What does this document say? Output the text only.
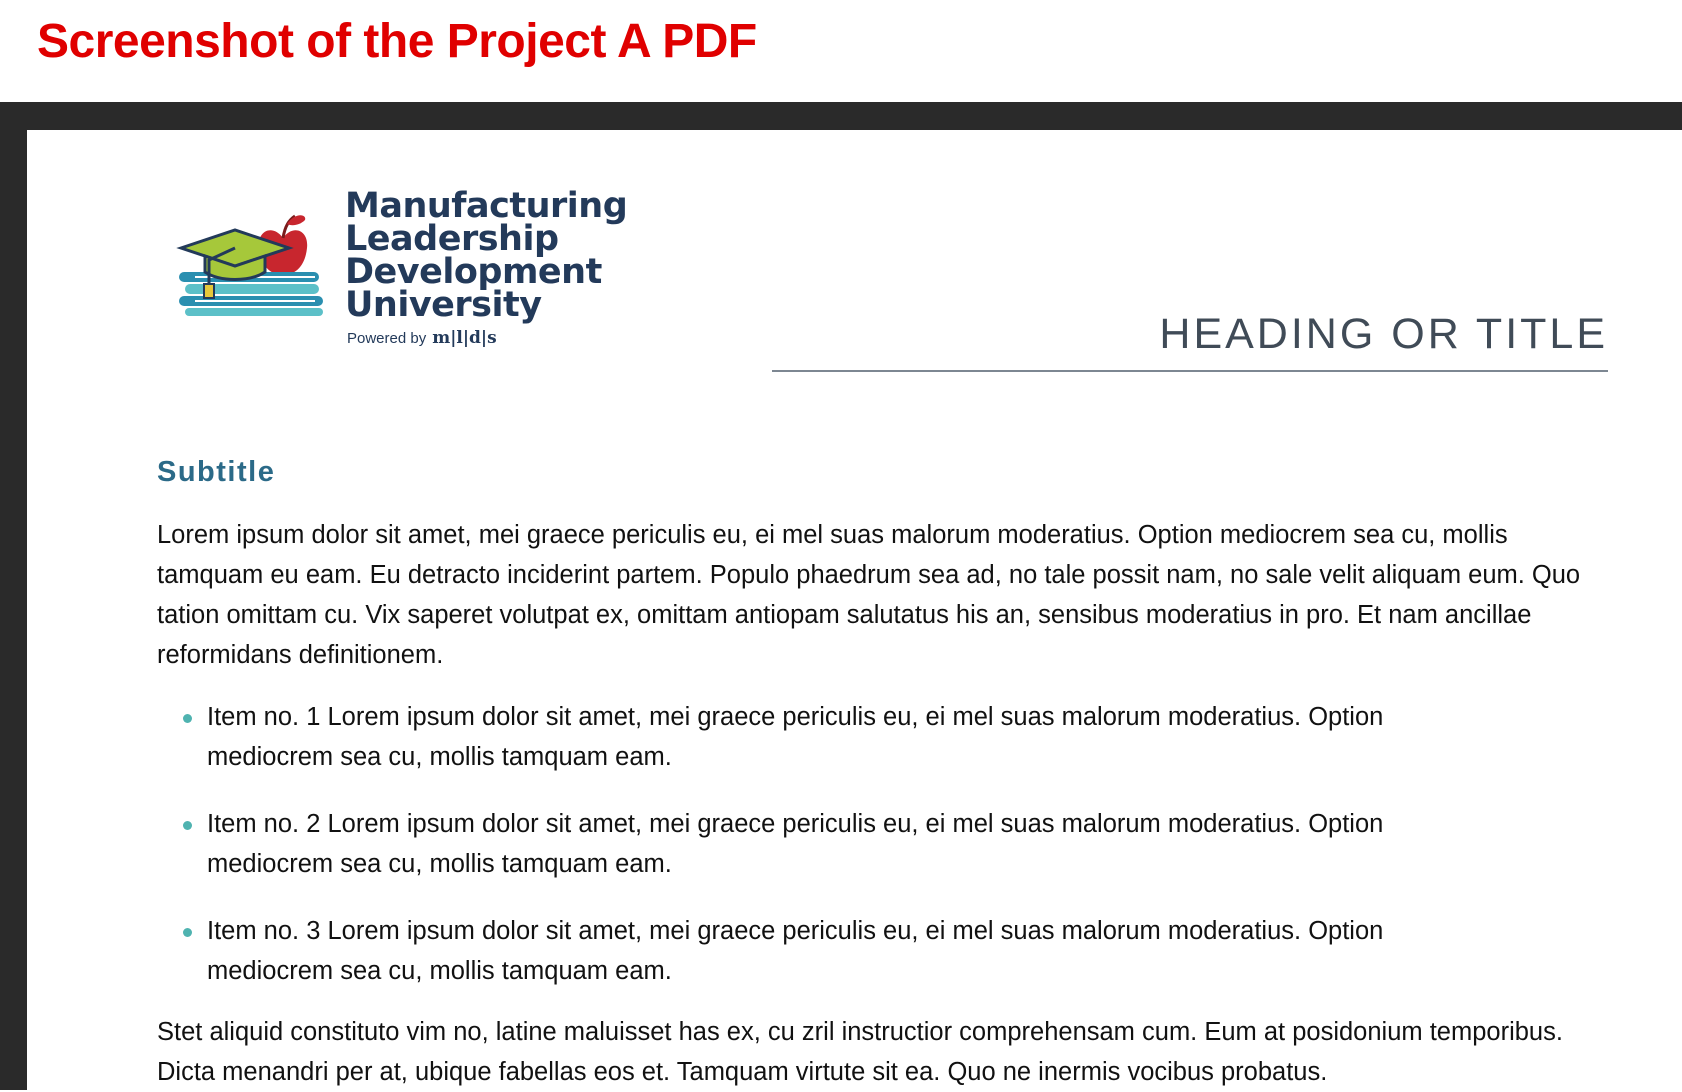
Screenshot of the Project A PDF
Manufacturing
Leadership
Development
University
Powered by m|l|d|s	HEADING OR TITLE
Subtitle

Lorem ipsum dolor sit amet, mei graece periculis eu, ei mel suas malorum moderatius. Option mediocrem sea cu, mollis tamquam eu eam. Eu detracto inciderint partem. Populo phaedrum sea ad, no tale possit nam, no sale velit aliquam eum. Quo tation omittam cu. Vix saperet volutpat ex, omittam antiopam salutatus his an, sensibus moderatius in pro. Et nam ancillae reformidans definitionem.

Item no. 1 Lorem ipsum dolor sit amet, mei graece periculis eu, ei mel suas malorum moderatius. Option mediocrem sea cu, mollis tamquam eam.
Item no. 2 Lorem ipsum dolor sit amet, mei graece periculis eu, ei mel suas malorum moderatius. Option mediocrem sea cu, mollis tamquam eam.
Item no. 3 Lorem ipsum dolor sit amet, mei graece periculis eu, ei mel suas malorum moderatius. Option mediocrem sea cu, mollis tamquam eam.

Stet aliquid constituto vim no, latine maluisset has ex, cu zril instructior comprehensam cum. Eum at posidonium temporibus. Dicta menandri per at, ubique fabellas eos et. Tamquam virtute sit ea. Quo ne inermis vocibus probatus.
